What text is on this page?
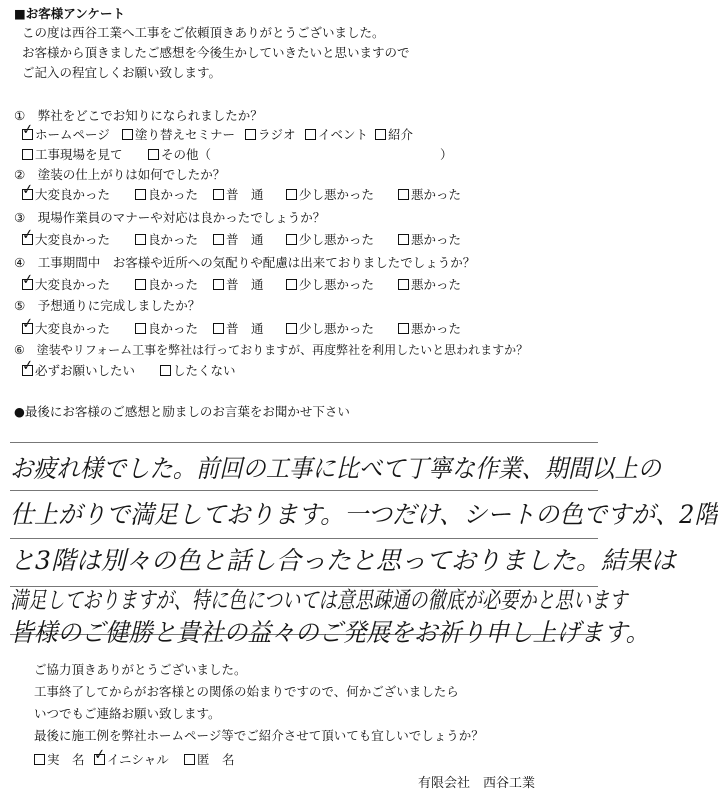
■お客様アンケート
この度は西谷工業へ工事をご依頼頂きありがとうございました。
お客様から頂きましたご感想を今後生かしていきたいと思いますので
ご記入の程宜しくお願い致します。
①　弊社をどこでお知りになられましたか？
✓ ホームページ	塗り替えセミナー	ラジオ	イベント	紹介
工事現場を見て	その他（	）
②　塗装の仕上がりは如何でしたか？
✓ 大変良かった	良かった	普　通	少し悪かった	悪かった
③　現場作業員のマナーや対応は良かったでしょうか？
✓ 大変良かった	良かった	普　通	少し悪かった	悪かった
④　工事期間中　お客様や近所への気配りや配慮は出来ておりましたでしょうか？
✓ 大変良かった	良かった	普　通	少し悪かった	悪かった
⑤　予想通りに完成しましたか？
✓ 大変良かった	良かった	普　通	少し悪かった	悪かった
⑥　塗装やリフォーム工事を弊社は行っておりますが、再度弊社を利用したいと思われますか？
✓ 必ずお願いしたい	したくない
●最後にお客様のご感想と励ましのお言葉をお聞かせ下さい
お疲れ様でした。前回の工事に比べて丁寧な作業、期間以上の
仕上がりで満足しております。一つだけ、シートの色ですが、2階
と3階は別々の色と話し合ったと思っておりました。結果は
満足しておりますが、特に色については意思疎通の徹底が必要かと思います
皆様のご健勝と貴社の益々のご発展をお祈り申し上げます。
ご協力頂きありがとうございました。
工事終了してからがお客様との関係の始まりですので、何かございましたら
いつでもご連絡お願い致します。
最後に施工例を弊社ホームページ等でご紹介させて頂いても宜しいでしょうか？
実　名 ✓ イニシャル	匿　名
有限会社　西谷工業
